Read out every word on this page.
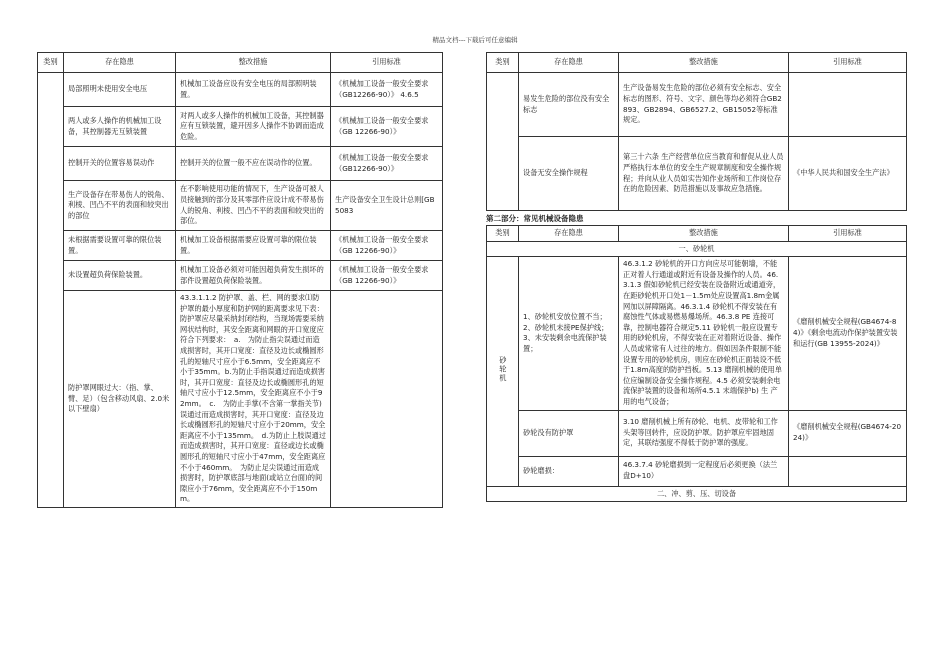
精品文档---下载后可任意编辑
类别	存在隐患	整改措施	引用标准
	局部照明未使用安全电压	机械加工设备应设有安全电压的局部照明装置。	《机械加工设备一般安全要求（GB12266-90）》 4.6.5
	两人或多人操作的机械加工设备，其控制器无互锁装置	对两人或多人操作的机械加工设备，其控制器应有互锁装置，避开因多人操作不协调而造成危险。	《机械加工设备一般安全要求（GB 12266-90）》
	控制开关的位置容易误动作	控制开关的位置一般不应在误动作的位置。	《机械加工设备一般安全要求（GB12266-90）》
	生产设备存在带易伤人的锐角、利棱、凹凸不平的表面和较突出的部位	在不影响使用功能的情况下，生产设备可被人员接触到的部分及其零部件应设计成不带易伤人的锐角、利棱、凹凸不平的表面和较突出的部位。	生产设备安全卫生设计总则[GB 5083
	未根据需要设置可靠的限位装置。	机械加工设备根据需要应设置可靠的限位装置。	《机械加工设备一般安全要求（GB 12266-90）》
	未设置超负荷保险装置。	机械加工设备必须对可能因超负荷发生损坏的部件设置超负荷保险装置。	《机械加工设备一般安全要求（GB 12266-90）》
	防护罩网眼过大：（指、掌、臂、足）（包含移动风扇、2.0米以下壁扇）	43.3.1.1.2 防护罩、盖、栏、网的要求⑴防护罩的最小厚度和防护网的距离要求见下表：　防护罩应尽量采纳封闭结构，当现场需要采纳网状结构时，其安全距离和网眼的开口宽度应符合下列要求：　a.　为防止指尖误通过而造成损害时，其开口宽度：直径及边长或椭圆形孔的短轴尺寸应小于6.5mm，安全距离应不小于35mm。b.为防止手指误通过而造成损害时，其开口宽度：直径及边长或椭圆形孔的短轴尺寸应小于12.5mm，安全距离应不小于92mm。　c.　为防止手掌(不含第一掌指关节)误通过而造成损害时，其开口宽度：直径及边长或椭圆形孔的短轴尺寸应小于20mm，安全距离应不小于135mm。　d.为防止上肢误通过而造成损害时，其开口宽度：直径或边长或椭圆形孔的短轴尺寸应小于47mm，安全距离应不小于460mm。　为防止足尖误通过而造成损害时，防护罩底部与地面(或站立台面)的间隙应小于76mm，安全距离应不小于150mm。	
类别	存在隐患	整改措施	引用标准
	易发生危险的部位没有安全标志	生产设备易发生危险的部位必须有安全标志、安全标志的图形、符号、文字、颜色等均必须符合GB2893、GB2894、GB6527.2、GB15052等标准规定。	
	设备无安全操作规程	第三十六条 生产经营单位应当教育和督促从业人员严格执行本单位的安全生产规章制度和安全操作规程；并向从业人员如实告知作业场所和工作岗位存在的危险因素、防范措施以及事故应急措施。	《中华人民共和国安全生产法》
第二部分：常见机械设备隐患
类别	存在隐患	整改措施	引用标准
一、砂轮机			
砂轮机	1、砂轮机安放位置不当；2、砂轮机未接PE保护线；3、未安装剩余电流保护装置；	46.3.1.2 砂轮机的开口方向应尽可能朝墙，不能正对着人行通道或附近有设备及操作的人员。46.3.1.3 假如砂轮机已经安装在设备附近或通道旁，在距砂轮机开口处1－1.5m处应设置高1.8m金属网加以屏障隔离。46.3.1.4 砂轮机不得安装在有腐蚀性气体或易燃易爆场所。46.3.8 PE 连接可靠，控制电器符合规定5.11 砂轮机一般应设置专用的砂轮机房，不得安装在正对着附近设备、操作人员或常常有人过往的地方。假如因条件限制不能设置专用的砂轮机房，则应在砂轮机正面装设不低于1.8m高度的防护挡板。5.13 磨削机械的使用单位应编制设备安全操作规程。4.5 必须安装剩余电流保护装置的设备和场所4.5.1 末端保护b) 生 产用的电气设备；	《磨削机械安全规程(GB4674-84)》《剩余电流动作保护装置安装和运行(GB 13955-2024)》
	砂轮没有防护罩	3.10 磨削机械上所有砂轮、电机、皮带轮和工作头架等回转件，应设防护罩。防护罩应牢固地固定，其联结强度不得低于防护罩的强度。	《磨削机械安全规程(GB4674-2024)》
	砂轮磨损：	46.3.7.4 砂轮磨损到一定程度后必须更换（法兰盘D+10）	
二、冲、剪、压、切设备			
